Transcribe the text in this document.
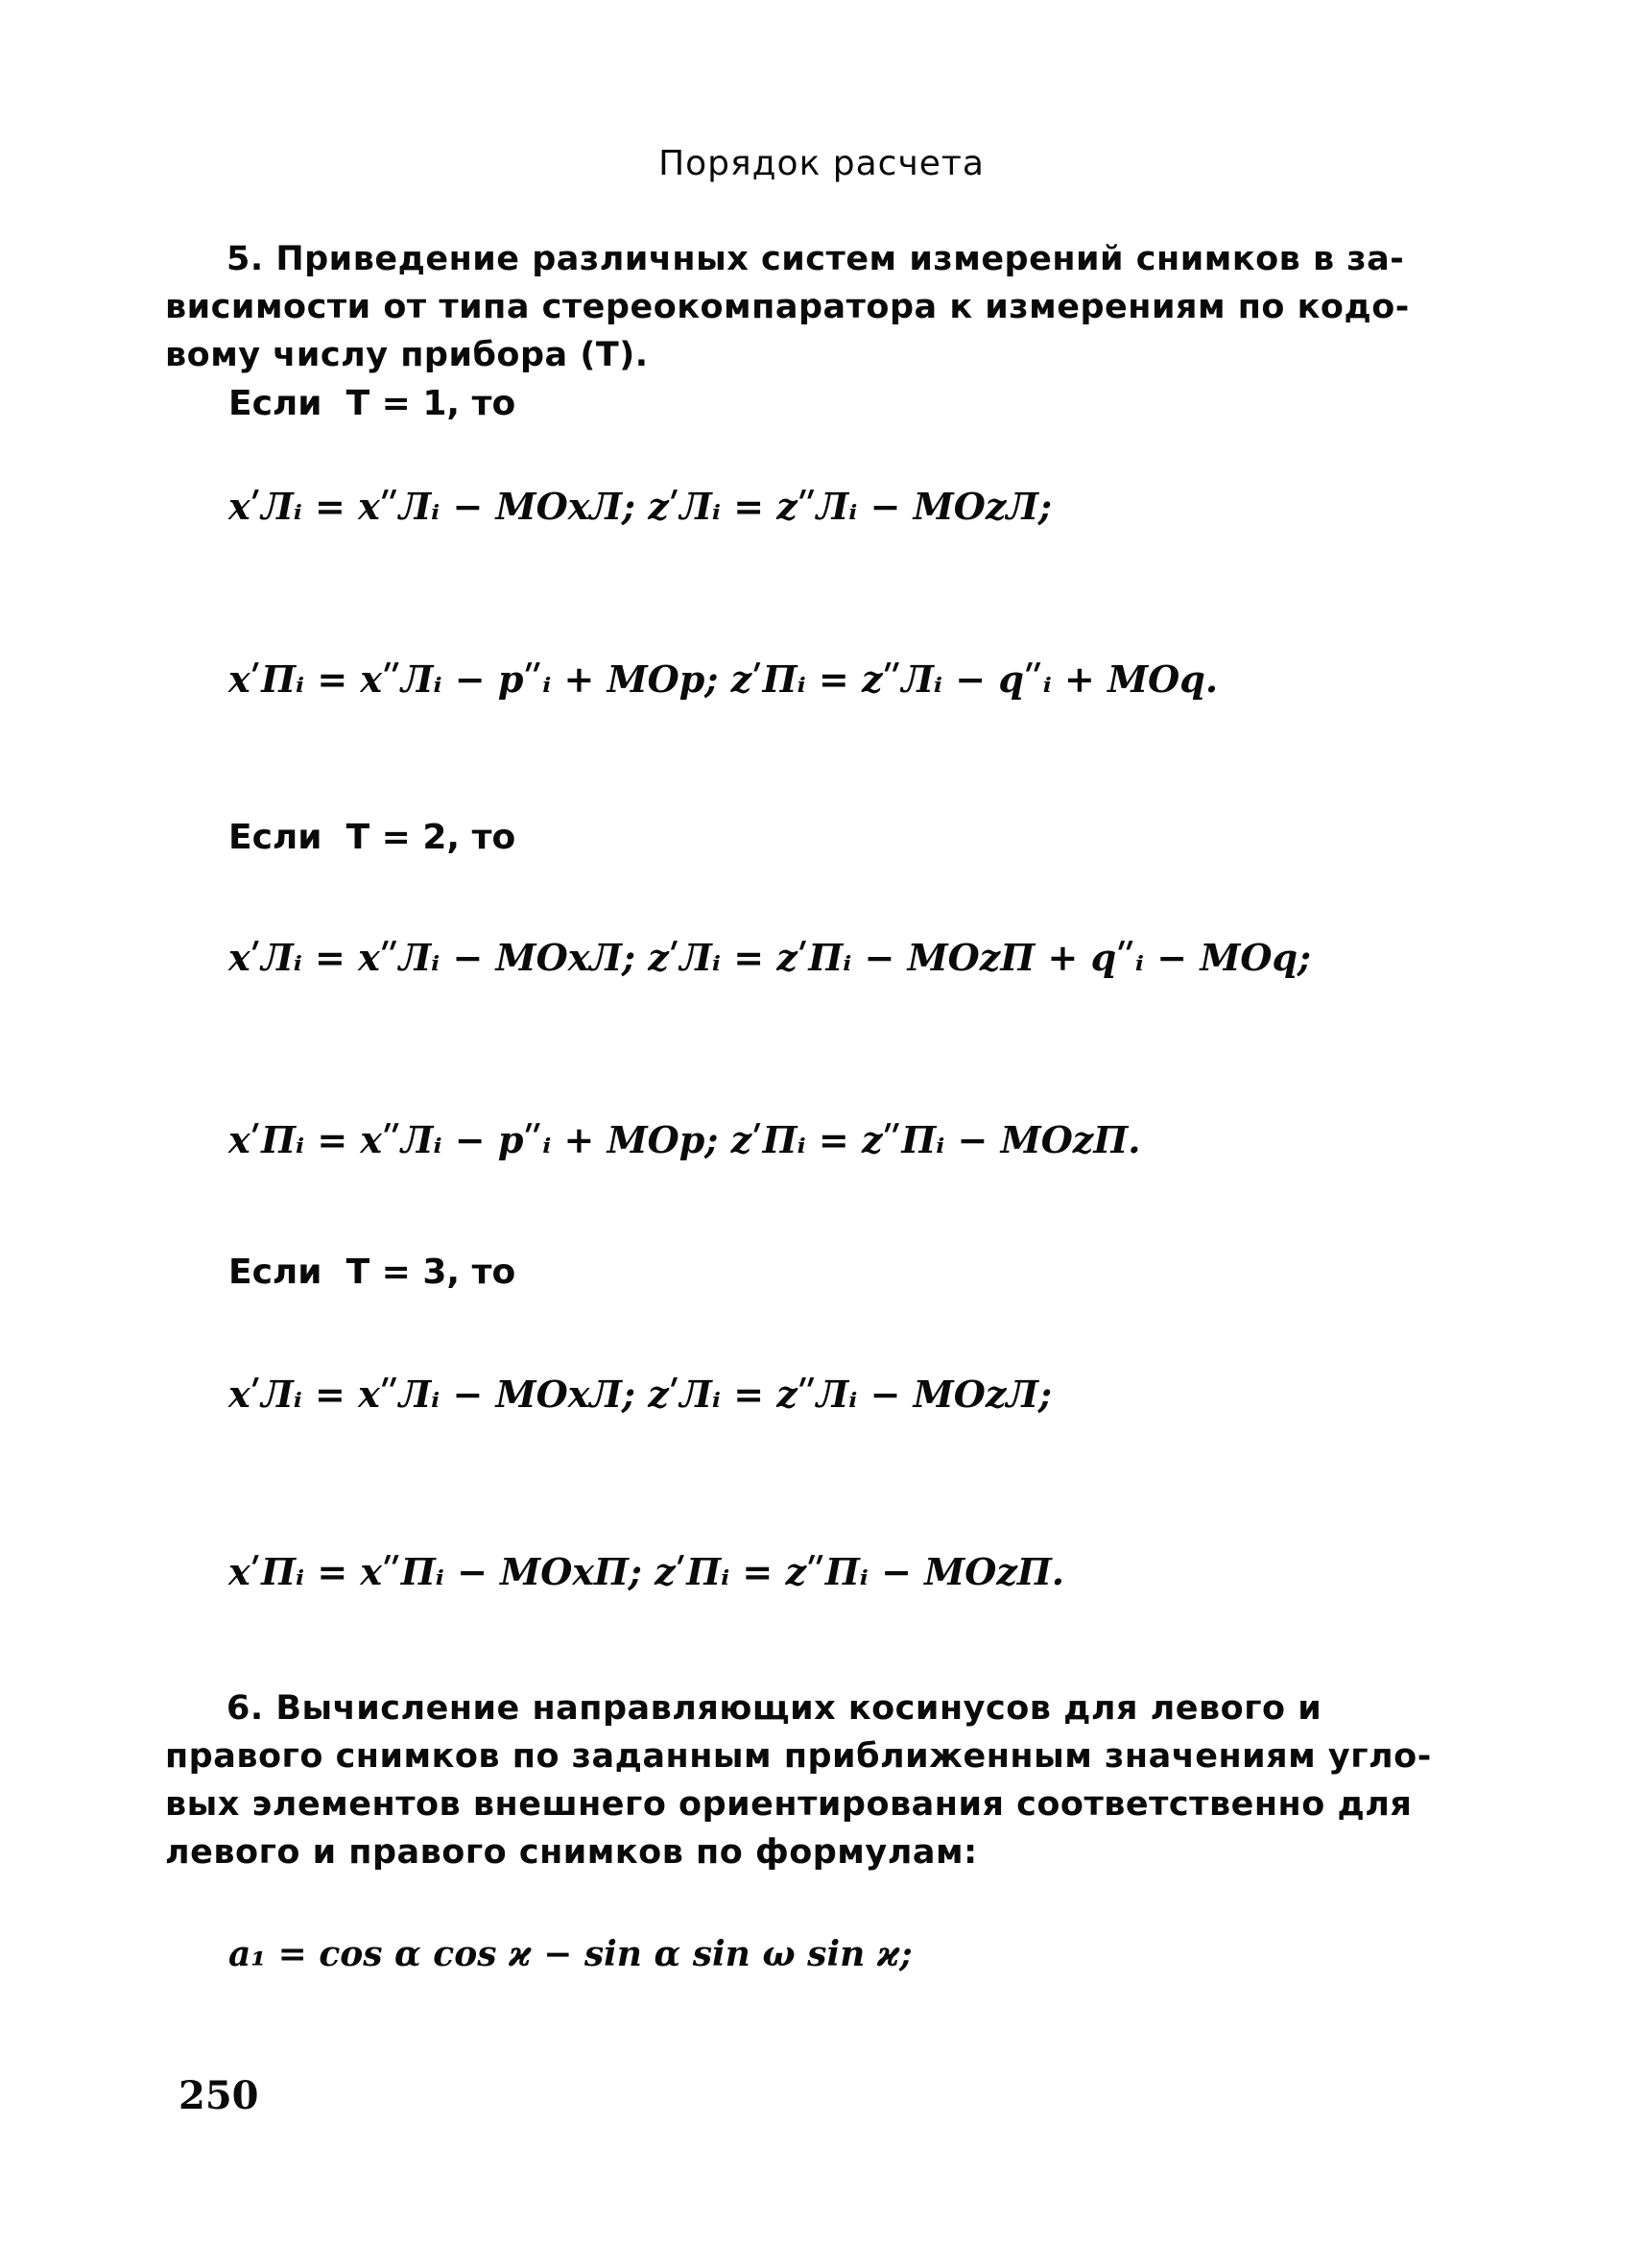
Порядок расчета
5. Приведение различных систем измерений снимков в за-
висимости от типа стереокомпаратора к измерениям по кодо-
вому числу прибора (T).
Если  T = 1, то
xʹЛᵢ = xʺЛᵢ − MOxЛ; zʹЛᵢ = zʺЛᵢ − MOzЛ;
xʹПᵢ = xʺЛᵢ − pʺᵢ + MOp; zʹПᵢ = zʺЛᵢ − qʺᵢ + MOq.
Если  T = 2, то
xʹЛᵢ = xʺЛᵢ − MOxЛ; zʹЛᵢ = zʹПᵢ − MOzП + qʺᵢ − MOq;
xʹПᵢ = xʺЛᵢ − pʺᵢ + MOp; zʹПᵢ = zʺПᵢ − MOzП.
Если  T = 3, то
xʹЛᵢ = xʺЛᵢ − MOxЛ; zʹЛᵢ = zʺЛᵢ − MOzЛ;
xʹПᵢ = xʺПᵢ − MOxП; zʹПᵢ = zʺПᵢ − MOzП.
6. Вычисление направляющих косинусов для левого и
правого снимков по заданным приближенным значениям угло-
вых элементов внешнего ориентирования соответственно для
левого и правого снимков по формулам:
a₁ = cos α cos ϰ − sin α sin ω sin ϰ;
250
